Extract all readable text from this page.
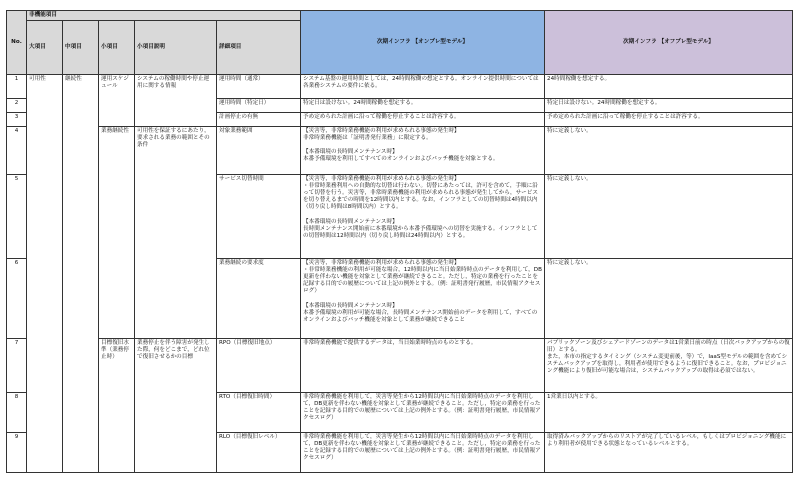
No.	非機能項目					次期インフラ 【オンプレ型モデル】	次期インフラ 【オフプレ型モデル】
	大項目	中項目	小項目	小項目説明	詳細項目		
1	可用性	継続性	運用スケジュール	システムの稼働時間や停止運用に関する情報	運用時間（通常）	システム基盤の運用時間としては，24時間稼働の想定とする。オンライン提供時間については各業務システムの要件に依る。	24時間稼働を想定する。
2					運用時間（特定日）	特定日は設けない。24時間稼働を想定する。	特定日は設けない。24時間稼働を想定する。
3					計画停止の有無	予め定められた計画に沿って稼働を停止することは許容する。	予め定められた計画に沿って稼働を停止することは許容する。
4			業務継続性	可用性を保証するにあたり，要求される業務の範囲とその条件	対象業務範囲	【災害等，非常時業務機能の利用が求められる事態の発生時】
非常時業務機能は「証明書発行業務」に限定する。

【本番環境の長時間メンテナンス時】
本番予備環境を利用してすべてのオンラインおよびバッチ機能を対象とする。	特に定義しない。
5					サービス切替時間	【災害等，非常時業務機能の利用が求められる事態の発生時】
・非常時業務利用への自動的な切替は行わない。切替にあたっては，許可を含めて，手順に沿って切替を行う。災害等，非常時業務機能の利用が求められる事態が発生してから，サービスを切り替えるまでの時間を12時間以内とする。なお，インフラとしての切替時間は4時間以内（切り戻し時間は8時間以内）とする。

【本番環境の長時間メンテナンス時】
長時間メンテナンス開始前に本番環境から本番予備環境への切替を実施する。インフラとしての切替時間は12時間以内（切り戻し時間は24時間以内）とする。	特に定義しない。
6					業務継続の要求度	【災害等，非常時業務機能の利用が求められる事態の発生時】
・非常時業務機能の利用が可能な場合，12時間以内に当日始業時時点のデータを利用して，DB更新を伴わない機能を対象として業務が継続できること。ただし，特定の業務を行ったことを記録する目的での履歴については上記の例外とする。（例：証明書発行履歴，市民情報アクセスログ）

【本番環境の長時間メンテナンス時】
本番予備環境の利用が可能な場合，長時間メンテナンス開始前のデータを利用して，すべてのオンラインおよびバッチ機能を対象として業務が継続できること	特に定義しない。
7			目標復旧水準（業務停止時）	業務停止を伴う障害が発生した際，何をどこまで，どれ位で復旧させるかの目標	RPO（目標復旧地点）	非常時業務機能で提供するデータは，当日始業時時点のものとする。	パブリックゾーン及びシェアードゾーンのデータは1営業日前の時点（日次バックアップからの復旧）とする。
また，本市の指定するタイミング（システム変更前後，等）で，IaaS型モデルの範囲を含めてシステムバックアップを取得し，利用者が使用できるように復旧できること。なお，プロビジョニング機能により復旧が可能な場合は，システムバックアップの取得は必須ではない。
8					RTO（目標復旧時間）	非常時業務機能を利用して，災害等発生から12時間以内に当日始業時時点のデータを利用して，DB更新を伴わない機能を対象として業務が継続できること。ただし，特定の業務を行ったことを記録する目的での履歴については上記の例外とする。（例：証明書発行履歴，市民情報アクセスログ）	1営業日以内とする。
9					RLO（目標復旧レベル）	非常時業務機能を利用して，災害等発生から12時間以内に当日始業時時点のデータを利用して，DB更新を伴わない機能を対象として業務が継続できること。ただし，特定の業務を行ったことを記録する目的での履歴については上記の例外とする。（例：証明書発行履歴，市民情報アクセスログ）	取得済みバックアップからのリストアが完了しているレベル，もしくはプロビジョニング機能により利用者が使用できる状態となっているレベルとする。
